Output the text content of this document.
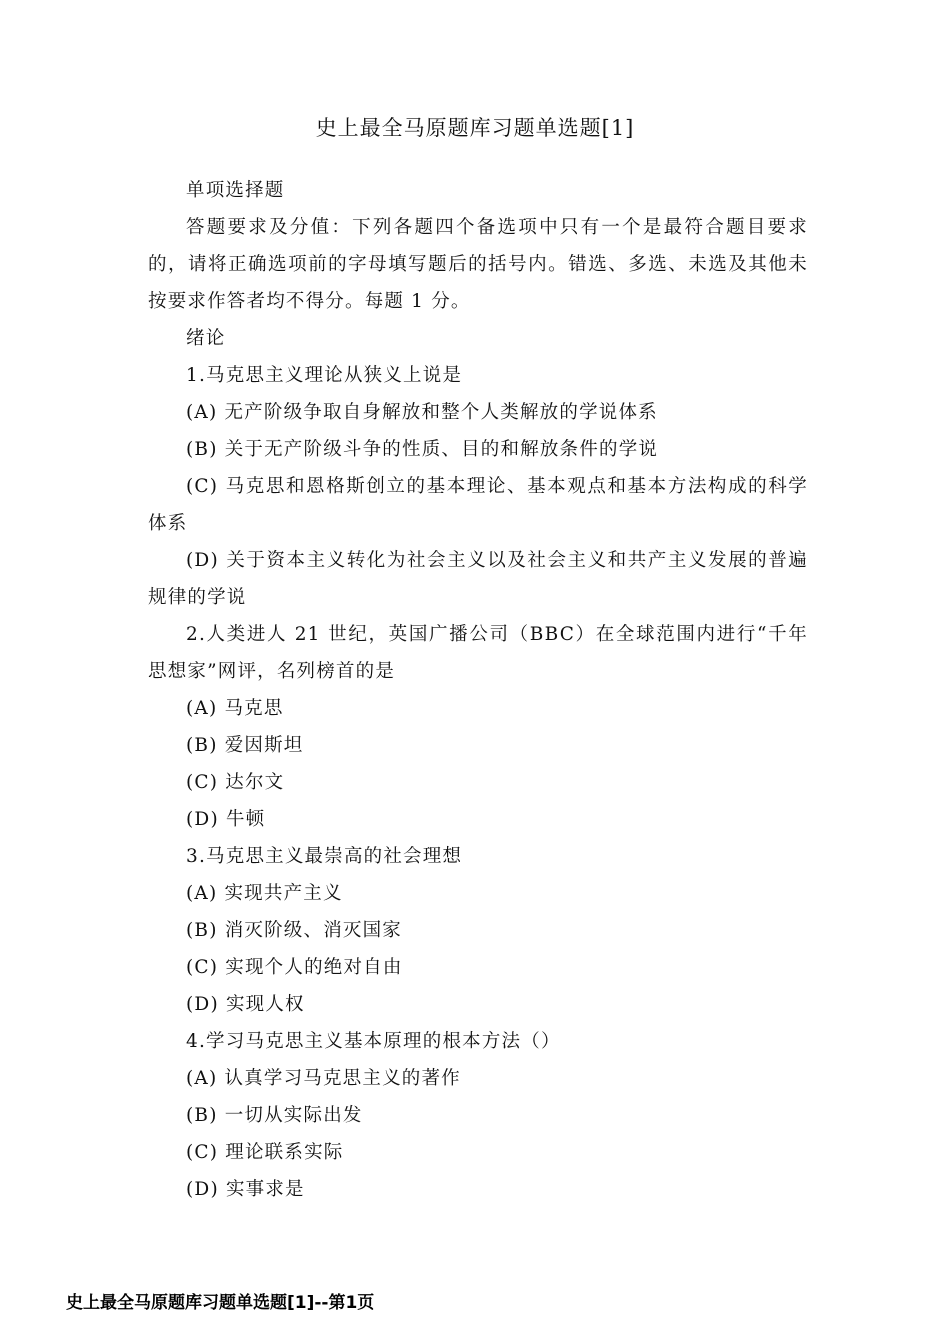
史上最全马原题库习题单选题[1]

单项选择题

答题要求及分值：下列各题四个备选项中只有一个是最符合题目要求的，请将正确选项前的字母填写题后的括号内。错选、多选、未选及其他未按要求作答者均不得分。每题 1 分。

绪论

1.马克思主义理论从狭义上说是

(A) 无产阶级争取自身解放和整个人类解放的学说体系

(B) 关于无产阶级斗争的性质、目的和解放条件的学说

(C) 马克思和恩格斯创立的基本理论、基本观点和基本方法构成的科学体系

(D) 关于资本主义转化为社会主义以及社会主义和共产主义发展的普遍规律的学说

2.人类进人 21 世纪，英国广播公司（BBC）在全球范围内进行“千年思想家”网评，名列榜首的是

(A) 马克思

(B) 爱因斯坦

(C) 达尔文

(D) 牛顿

3.马克思主义最崇高的社会理想

(A) 实现共产主义

(B) 消灭阶级、消灭国家

(C) 实现个人的绝对自由

(D) 实现人权

4.学习马克思主义基本原理的根本方法（）

(A) 认真学习马克思主义的著作

(B) 一切从实际出发

(C) 理论联系实际

(D) 实事求是

史上最全马原题库习题单选题[1]--第1页
